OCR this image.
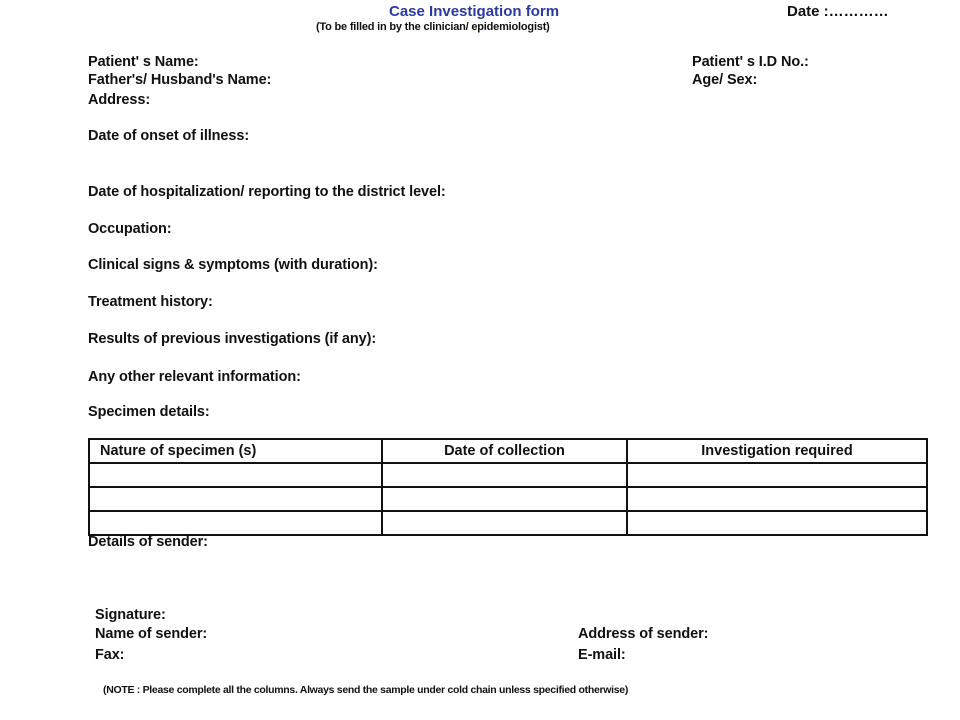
Case Investigation form
(To be filled in by the clinician/ epidemiologist)
Date :…………
Patient' s Name:	Patient' s I.D No.:
Father's/ Husband's Name:	Age/ Sex:
Address:
Date of onset of illness:
Date of hospitalization/ reporting to the district level:
Occupation:
Clinical signs & symptoms (with duration):
Treatment history:
Results of previous investigations (if any):
Any other relevant information:
Specimen details:
Nature of specimen (s)	Date of collection	Investigation required

Details of sender:
Signature:
Name of sender:	Address of sender:
Fax:	E-mail:
(NOTE : Please complete all the columns. Always send the sample under cold chain unless specified otherwise)
